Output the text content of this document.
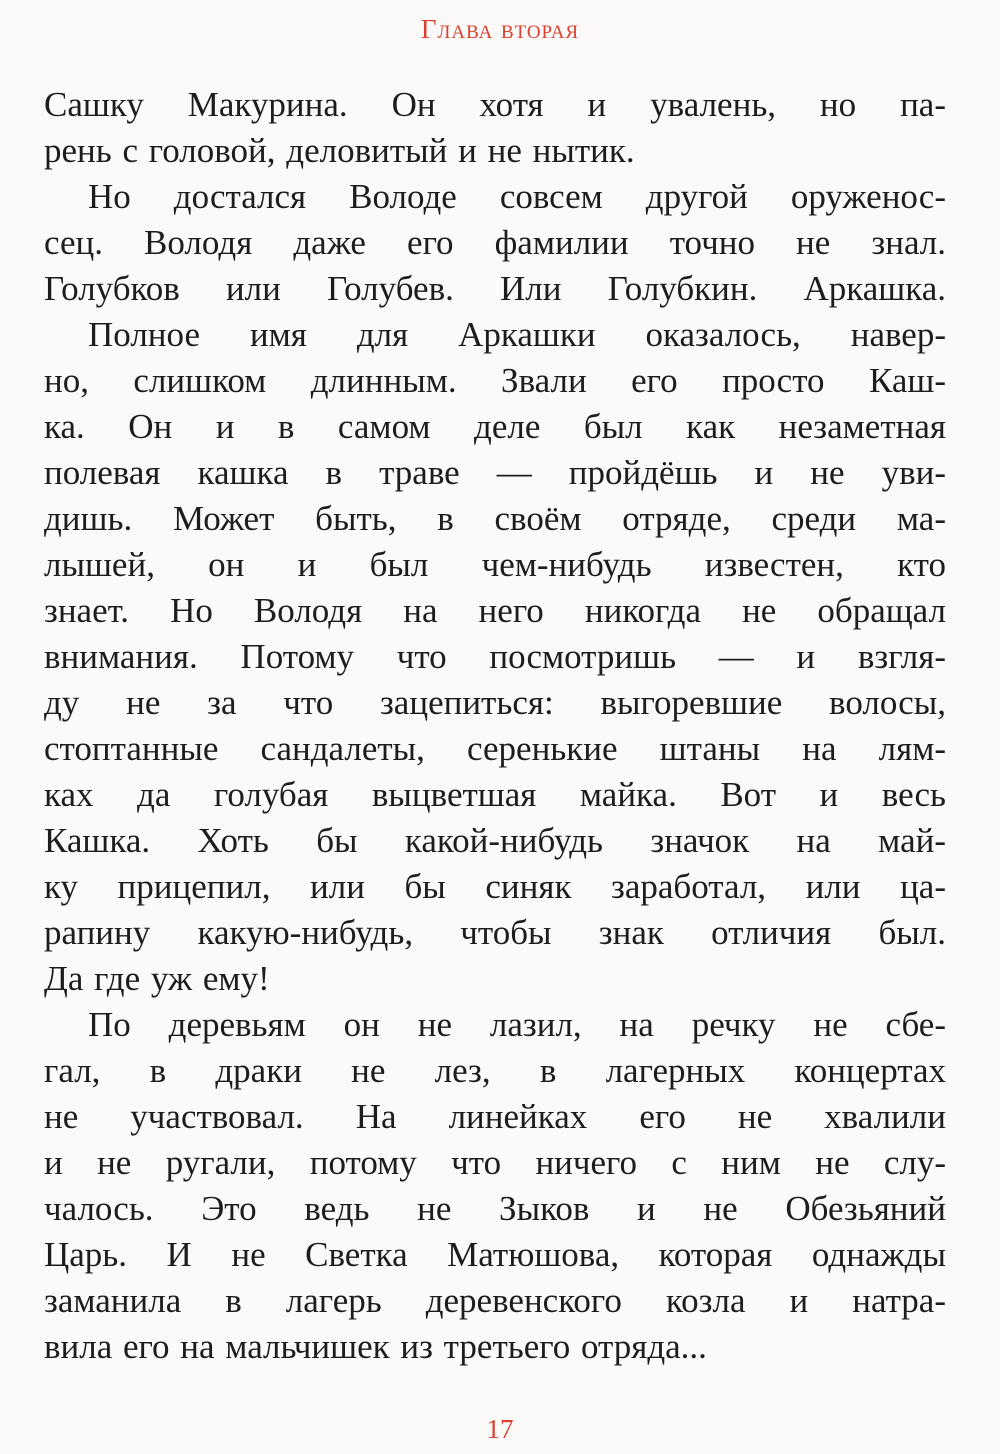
Глава вторая
Сашку Макурина. Он хотя и увалень, но па-
рень с головой, деловитый и не нытик.
Но достался Володе совсем другой оруженос-
сец. Володя даже его фамилии точно не знал.
Голубков или Голубев. Или Голубкин. Аркашка.
Полное имя для Аркашки оказалось, навер-
но, слишком длинным. Звали его просто Каш-
ка. Он и в самом деле был как незаметная
полевая кашка в траве — пройдёшь и не уви-
дишь. Может быть, в своём отряде, среди ма-
лышей, он и был чем-нибудь известен, кто
знает. Но Володя на него никогда не обращал
внимания. Потому что посмотришь — и взгля-
ду не за что зацепиться: выгоревшие волосы,
стоптанные сандалеты, серенькие штаны на лям-
ках да голубая выцветшая майка. Вот и весь
Кашка. Хоть бы какой-нибудь значок на май-
ку прицепил, или бы синяк заработал, или ца-
рапину какую-нибудь, чтобы знак отличия был.
Да где уж ему!
По деревьям он не лазил, на речку не сбе-
гал, в драки не лез, в лагерных концертах
не участвовал. На линейках его не хвалили
и не ругали, потому что ничего с ним не слу-
чалось. Это ведь не Зыков и не Обезьяний
Царь. И не Светка Матюшова, которая однажды
заманила в лагерь деревенского козла и натра-
вила его на мальчишек из третьего отряда...
17
